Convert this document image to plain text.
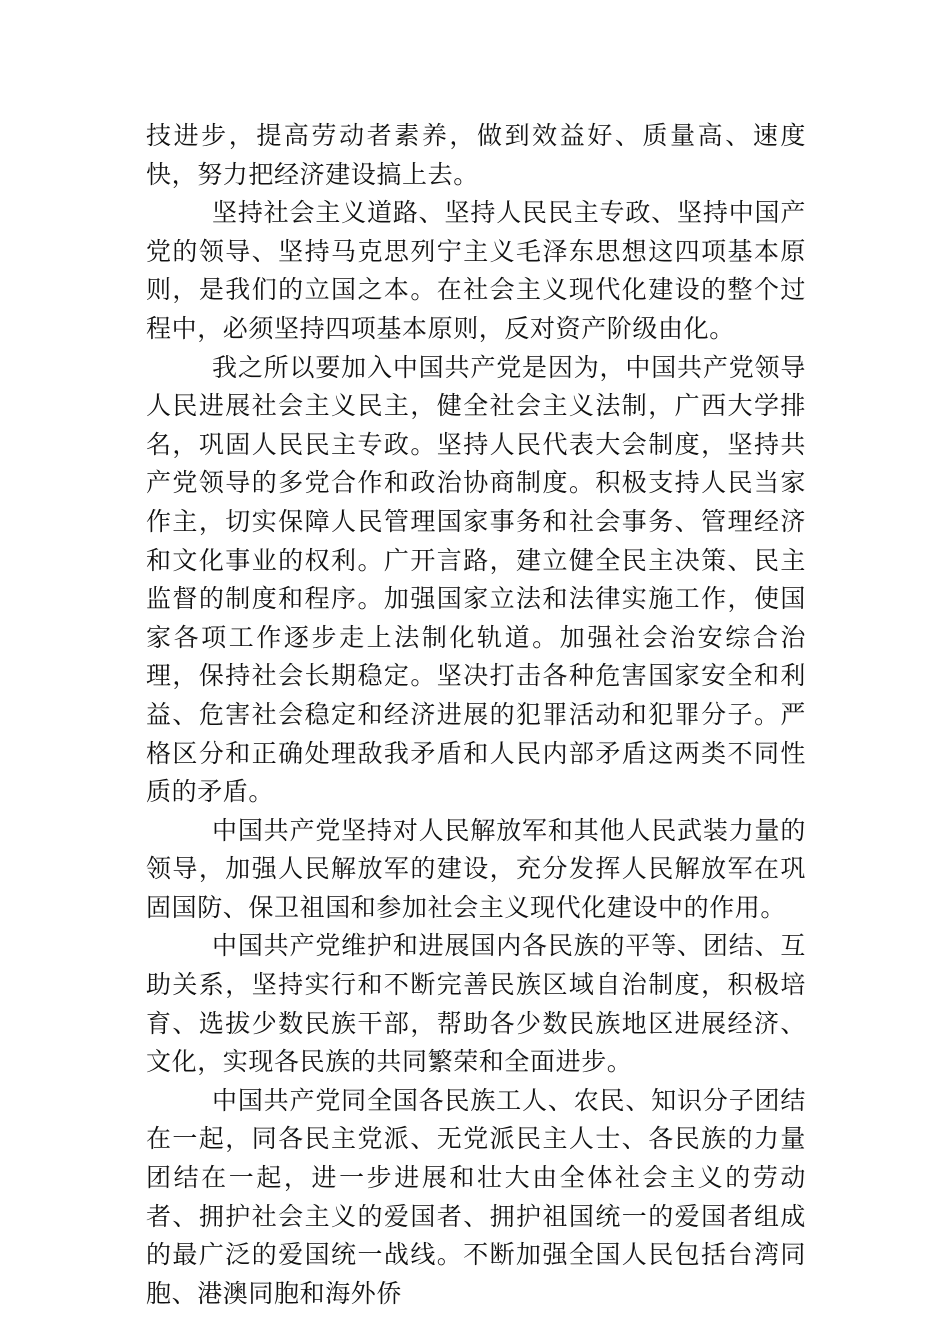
技进步，提高劳动者素养，做到效益好、质量高、速度快，努力把经济建设搞上去。

坚持社会主义道路、坚持人民民主专政、坚持中国产党的领导、坚持马克思列宁主义毛泽东思想这四项基本原则，是我们的立国之本。在社会主义现代化建设的整个过程中，必须坚持四项基本原则，反对资产阶级由化。

我之所以要加入中国共产党是因为，中国共产党领导人民进展社会主义民主，健全社会主义法制，广西大学排名，巩固人民民主专政。坚持人民代表大会制度，坚持共产党领导的多党合作和政治协商制度。积极支持人民当家作主，切实保障人民管理国家事务和社会事务、管理经济和文化事业的权利。广开言路，建立健全民主决策、民主监督的制度和程序。加强国家立法和法律实施工作，使国家各项工作逐步走上法制化轨道。加强社会治安综合治理，保持社会长期稳定。坚决打击各种危害国家安全和利益、危害社会稳定和经济进展的犯罪活动和犯罪分子。严格区分和正确处理敌我矛盾和人民内部矛盾这两类不同性质的矛盾。

中国共产党坚持对人民解放军和其他人民武装力量的领导，加强人民解放军的建设，充分发挥人民解放军在巩固国防、保卫祖国和参加社会主义现代化建设中的作用。

中国共产党维护和进展国内各民族的平等、团结、互助关系，坚持实行和不断完善民族区域自治制度，积极培育、选拔少数民族干部，帮助各少数民族地区进展经济、文化，实现各民族的共同繁荣和全面进步。

中国共产党同全国各民族工人、农民、知识分子团结在一起，同各民主党派、无党派民主人士、各民族的力量团结在一起，进一步进展和壮大由全体社会主义的劳动者、拥护社会主义的爱国者、拥护祖国统一的爱国者组成的最广泛的爱国统一战线。不断加强全国人民包括台湾同胞、港澳同胞和海外侨
